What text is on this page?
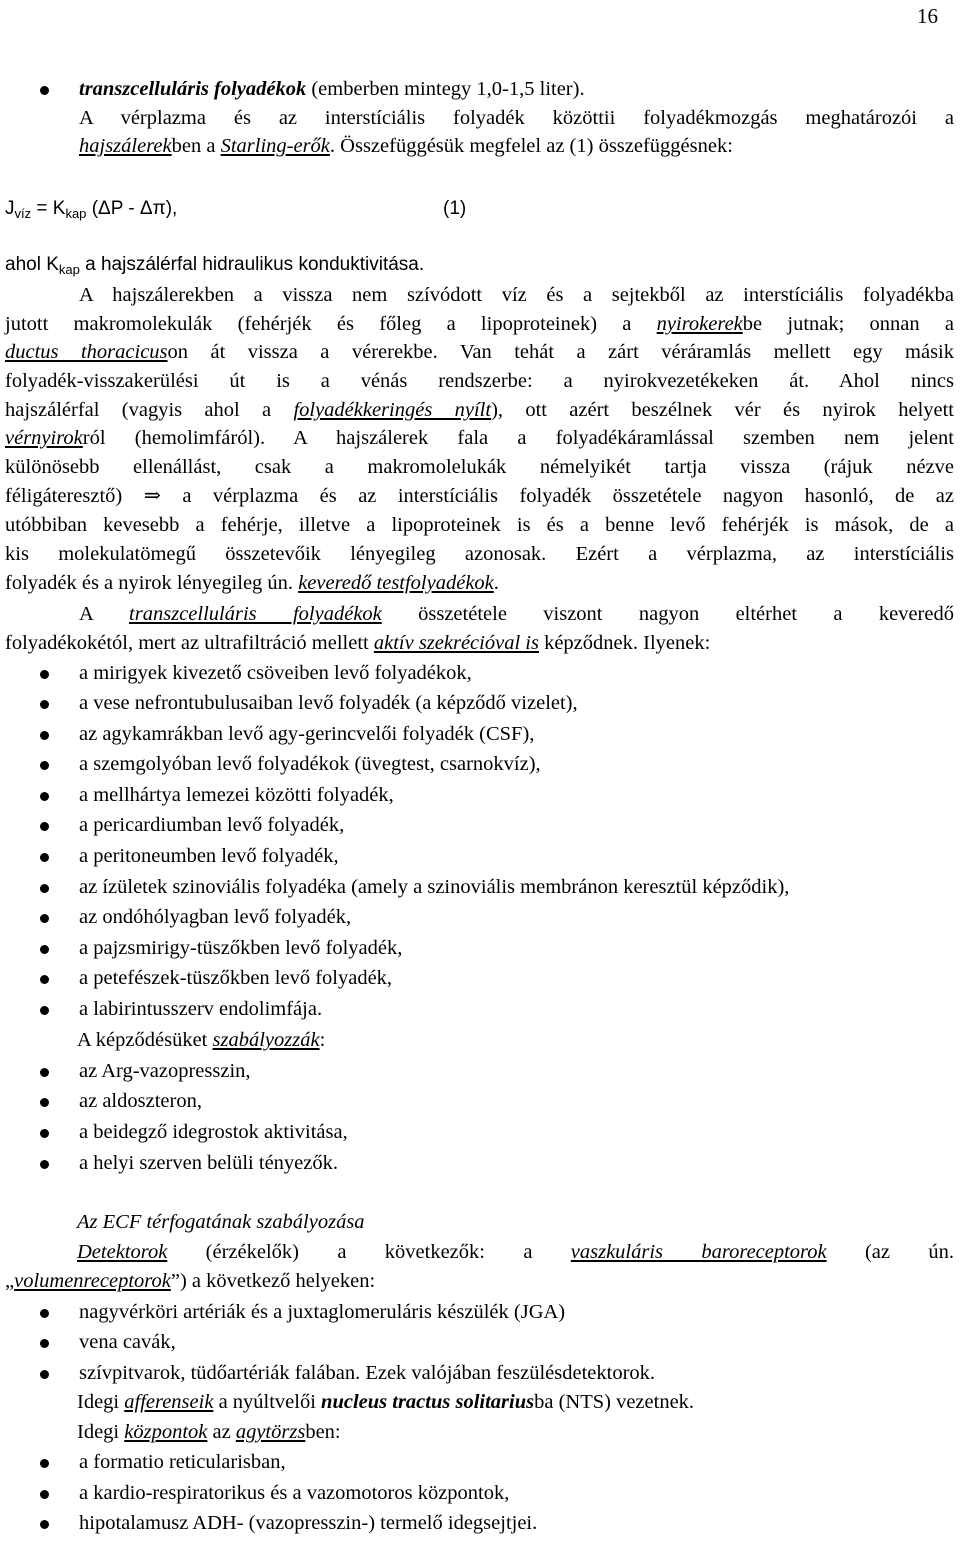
16
transzcelluláris folyadékok (emberben mintegy 1,0-1,5 liter).
A vérplazma és az interstíciális folyadék közöttii folyadékmozgás meghatározói a
hajszálerekben a Starling-erők. Összefüggésük megfelel az (1) összefüggésnek:
$J_{víz} = K_{kap}$ (ΔP - Δπ),	(1)
ahol $K_{kap}$ a hajszálérfal hidraulikus konduktivitása.
A hajszálerekben a vissza nem szívódott víz és a sejtekből az interstíciális folyadékba
jutott makromolekulák (fehérjék és főleg a lipoproteinek) a nyirokerekbe jutnak; onnan a
ductus thoracicuson át vissza a vérerekbe. Van tehát a zárt véráramlás mellett egy másik
folyadék-visszakerülési út is a vénás rendszerbe: a nyirokvezetékeken át. Ahol nincs
hajszálérfal (vagyis ahol a folyadékkeringés nyílt), ott azért beszélnek vér és nyirok helyett
vérnyirokról (hemolimfáról). A hajszálerek fala a folyadékáramlással szemben nem jelent
különösebb ellenállást, csak a makromolelukák némelyikét tartja vissza (rájuk nézve
féligáteresztő) ⇒ a vérplazma és az interstíciális folyadék összetétele nagyon hasonló, de az
utóbbiban kevesebb a fehérje, illetve a lipoproteinek is és a benne levő fehérjék is mások, de a
kis molekulatömegű összetevőik lényegileg azonosak. Ezért a vérplazma, az interstíciális
folyadék és a nyirok lényegileg ún. keveredő testfolyadékok.
A transzcelluláris folyadékok összetétele viszont nagyon eltérhet a keveredő
folyadékokétól, mert az ultrafiltráció mellett aktív szekrécióval is képződnek. Ilyenek:
a mirigyek kivezető csöveiben levő folyadékok,
a vese nefrontubulusaiban levő folyadék (a képződő vizelet),
az agykamrákban levő agy-gerincvelői folyadék (CSF),
a szemgolyóban levő folyadékok (üvegtest, csarnokvíz),
a mellhártya lemezei közötti folyadék,
a pericardiumban levő folyadék,
a peritoneumben levő folyadék,
az ízületek szinoviális folyadéka (amely a szinoviális membránon keresztül képződik),
az ondóhólyagban levő folyadék,
a pajzsmirigy-tüszőkben levő folyadék,
a petefészek-tüszőkben levő folyadék,
a labirintusszerv endolimfája.
A képződésüket szabályozzák:
az Arg-vazopresszin,
az aldoszteron,
a beidegző idegrostok aktivitása,
a helyi szerven belüli tényezők.
Az ECF térfogatának szabályozása
Detektorok (érzékelők) a következők: a vaszkuláris baroreceptorok (az ún.
„volumenreceptorok”) a következő helyeken:
nagyvérköri artériák és a juxtaglomeruláris készülék (JGA)
vena cavák,
szívpitvarok, tüdőartériák falában. Ezek valójában feszülésdetektorok.
Idegi afferenseik a nyúltvelői nucleus tractus solitariusba (NTS) vezetnek.
Idegi központok az agytörzsben:
a formatio reticularisban,
a kardio-respiratorikus és a vazomotoros központok,
hipotalamusz ADH- (vazopresszin-) termelő idegsejtjei.
